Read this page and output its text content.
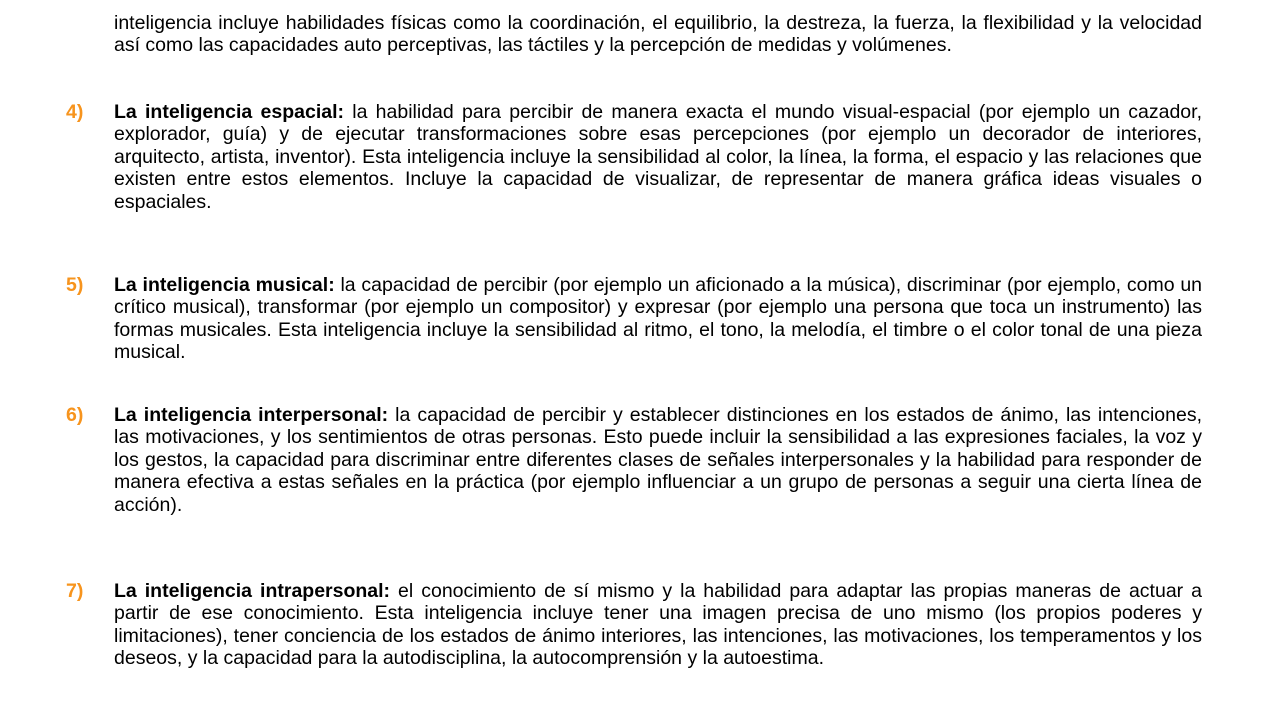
inteligencia incluye habilidades físicas como la coordinación, el equilibrio, la destreza, la fuerza, la flexibilidad y la velocidad así como las capacidades auto perceptivas, las táctiles y la percepción de medidas y volúmenes.

4) La inteligencia espacial: la habilidad para percibir de manera exacta el mundo visual-espacial (por ejemplo un cazador, explorador, guía) y de ejecutar transformaciones sobre esas percepciones (por ejemplo un decorador de interiores, arquitecto, artista, inventor). Esta inteligencia incluye la sensibilidad al color, la línea, la forma, el espacio y las relaciones que existen entre estos elementos. Incluye la capacidad de visualizar, de representar de manera gráfica ideas visuales o espaciales.

5) La inteligencia musical: la capacidad de percibir (por ejemplo un aficionado a la música), discriminar (por ejemplo, como un crítico musical), transformar (por ejemplo un compositor) y expresar (por ejemplo una persona que toca un instrumento) las formas musicales. Esta inteligencia incluye la sensibilidad al ritmo, el tono, la melodía, el timbre o el color tonal de una pieza musical.

6) La inteligencia interpersonal: la capacidad de percibir y establecer distinciones en los estados de ánimo, las intenciones, las motivaciones, y los sentimientos de otras personas. Esto puede incluir la sensibilidad a las expresiones faciales, la voz y los gestos, la capacidad para discriminar entre diferentes clases de señales interpersonales y la habilidad para responder de manera efectiva a estas señales en la práctica (por ejemplo influenciar a un grupo de personas a seguir una cierta línea de acción).

7) La inteligencia intrapersonal: el conocimiento de sí mismo y la habilidad para adaptar las propias maneras de actuar a partir de ese conocimiento. Esta inteligencia incluye tener una imagen precisa de uno mismo (los propios poderes y limitaciones), tener conciencia de los estados de ánimo interiores, las intenciones, las motivaciones, los temperamentos y los deseos, y la capacidad para la autodisciplina, la autocomprensión y la autoestima.
